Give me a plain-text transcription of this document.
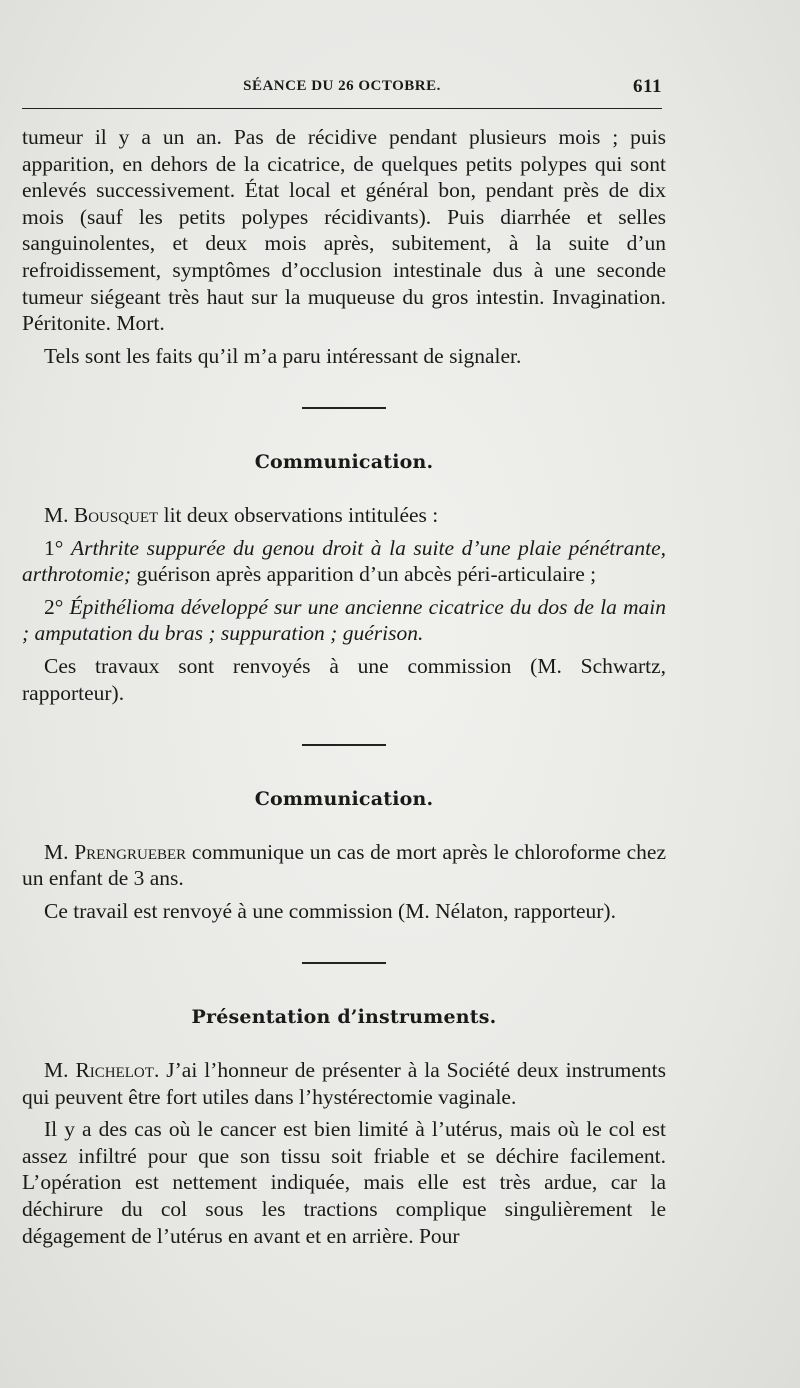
SÉANCE DU 26 OCTOBRE.	611

tumeur il y a un an. Pas de récidive pendant plusieurs mois ; puis apparition, en dehors de la cicatrice, de quelques petits polypes qui sont enlevés successivement. État local et général bon, pendant près de dix mois (sauf les petits polypes récidivants). Puis diarrhée et selles sanguinolentes, et deux mois après, subitement, à la suite d’un refroidissement, symptômes d’occlusion intestinale dus à une seconde tumeur siégeant très haut sur la muqueuse du gros intestin. Invagination. Péritonite. Mort.

Tels sont les faits qu’il m’a paru intéressant de signaler.

Communication.

M. Bousquet lit deux observations intitulées :

1° Arthrite suppurée du genou droit à la suite d’une plaie pénétrante, arthrotomie; guérison après apparition d’un abcès péri-articulaire ;

2° Épithélioma développé sur une ancienne cicatrice du dos de la main ; amputation du bras ; suppuration ; guérison.

Ces travaux sont renvoyés à une commission (M. Schwartz, rapporteur).

Communication.

M. Prengrueber communique un cas de mort après le chloroforme chez un enfant de 3 ans.

Ce travail est renvoyé à une commission (M. Nélaton, rapporteur).

Présentation d’instruments.

M. Richelot. J’ai l’honneur de présenter à la Société deux instruments qui peuvent être fort utiles dans l’hystérectomie vaginale.

Il y a des cas où le cancer est bien limité à l’utérus, mais où le col est assez infiltré pour que son tissu soit friable et se déchire facilement. L’opération est nettement indiquée, mais elle est très ardue, car la déchirure du col sous les tractions complique singulièrement le dégagement de l’utérus en avant et en arrière. Pour
